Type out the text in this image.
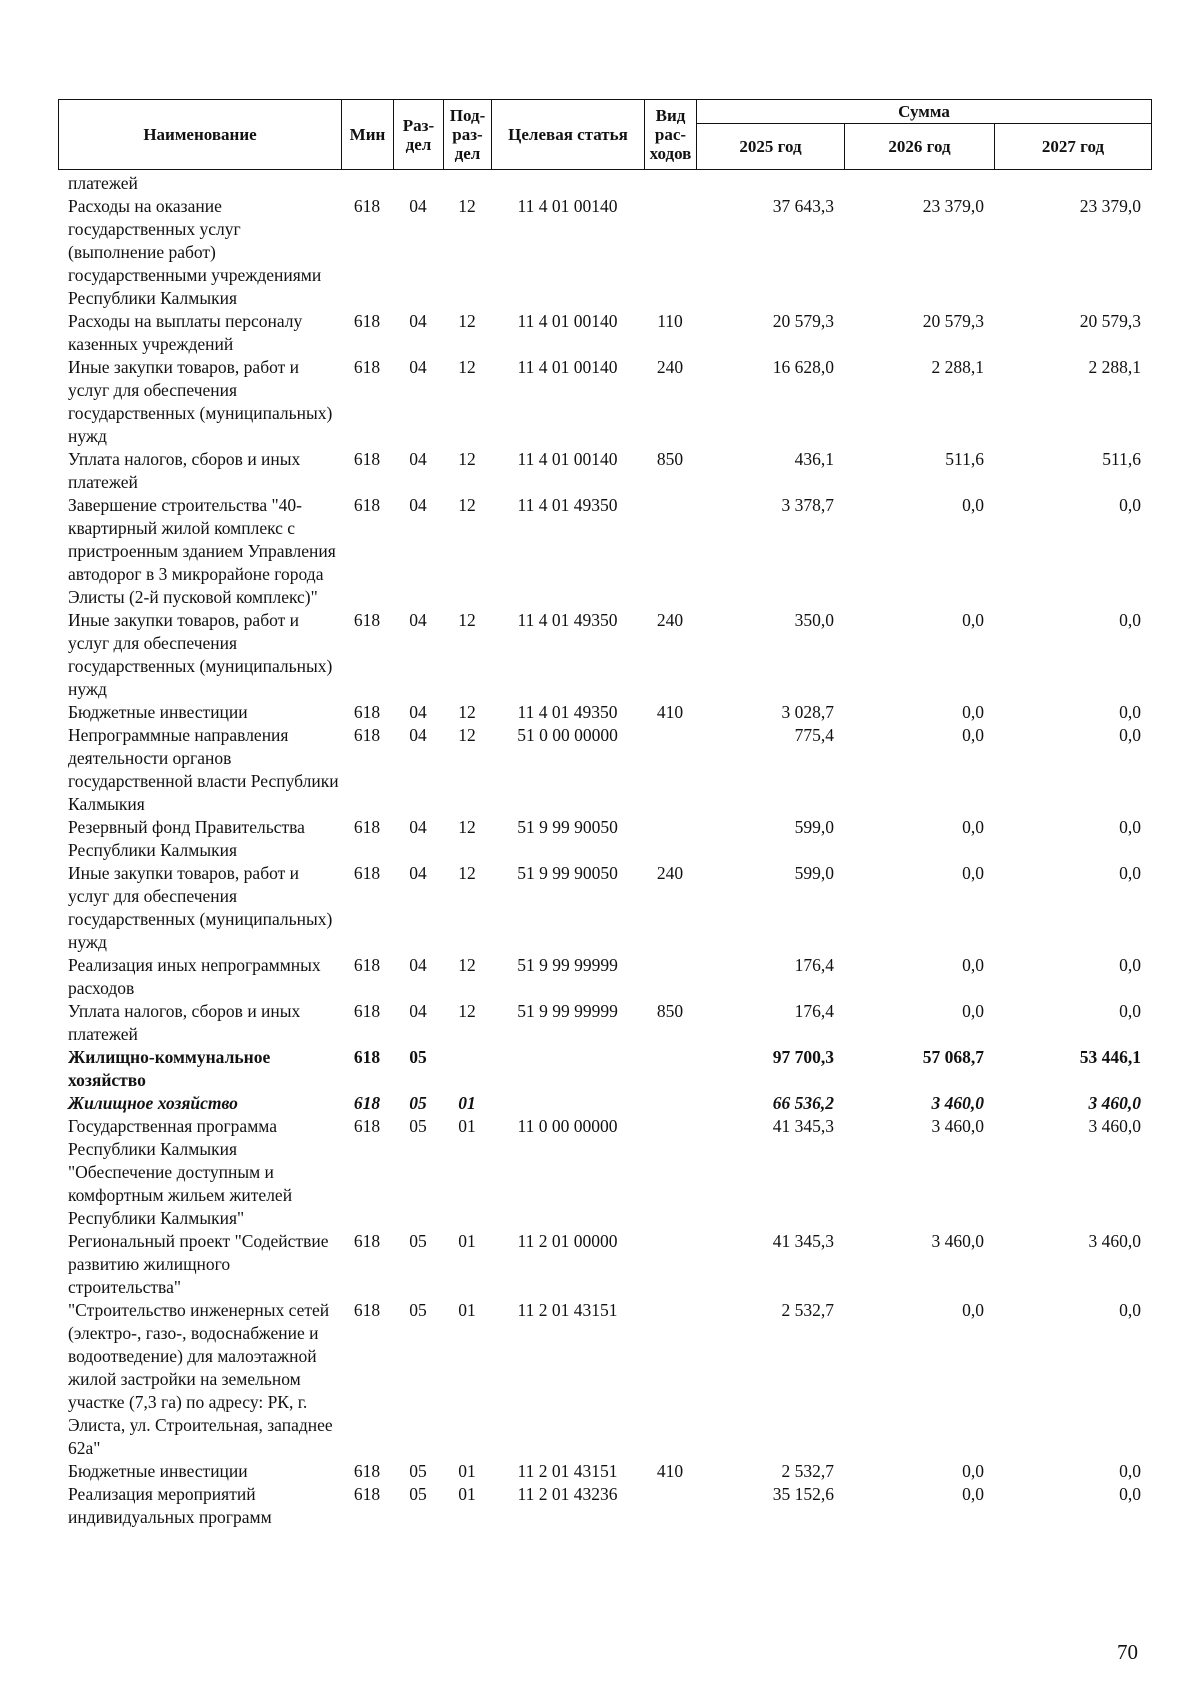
Наименование	Мин	Раз- дел	Под- раз- дел	Целевая статья	Вид рас- ходов	Сумма		
						2025 год	2026 год	2027 год
платежей								
Расходы на оказание государственных услуг (выполнение работ) государственными учреждениями Республики Калмыкия	618	04	12	11 4 01 00140		37 643,3	23 379,0	23 379,0
Расходы на выплаты персоналу казенных учреждений	618	04	12	11 4 01 00140	110	20 579,3	20 579,3	20 579,3
Иные закупки товаров, работ и услуг для обеспечения государственных (муниципальных) нужд	618	04	12	11 4 01 00140	240	16 628,0	2 288,1	2 288,1
Уплата налогов, сборов и иных платежей	618	04	12	11 4 01 00140	850	436,1	511,6	511,6
Завершение строительства "40-квартирный жилой комплекс с пристроенным зданием Управления автодорог в 3 микрорайоне города Элисты (2-й пусковой комплекс)"	618	04	12	11 4 01 49350		3 378,7	0,0	0,0
Иные закупки товаров, работ и услуг для обеспечения государственных (муниципальных) нужд	618	04	12	11 4 01 49350	240	350,0	0,0	0,0
Бюджетные инвестиции	618	04	12	11 4 01 49350	410	3 028,7	0,0	0,0
Непрограммные направления деятельности органов государственной власти Республики Калмыкия	618	04	12	51 0 00 00000		775,4	0,0	0,0
Резервный фонд Правительства Республики Калмыкия	618	04	12	51 9 99 90050		599,0	0,0	0,0
Иные закупки товаров, работ и услуг для обеспечения государственных (муниципальных) нужд	618	04	12	51 9 99 90050	240	599,0	0,0	0,0
Реализация иных непрограммных расходов	618	04	12	51 9 99 99999		176,4	0,0	0,0
Уплата налогов, сборов и иных платежей	618	04	12	51 9 99 99999	850	176,4	0,0	0,0
Жилищно-коммунальное хозяйство	618	05				97 700,3	57 068,7	53 446,1
Жилищное хозяйство	618	05	01			66 536,2	3 460,0	3 460,0
Государственная программа Республики Калмыкия "Обеспечение доступным и комфортным жильем жителей Республики Калмыкия"	618	05	01	11 0 00 00000		41 345,3	3 460,0	3 460,0
Региональный проект "Содействие развитию жилищного строительства"	618	05	01	11 2 01 00000		41 345,3	3 460,0	3 460,0
"Строительство инженерных сетей (электро-, газо-, водоснабжение и водоотведение) для малоэтажной жилой застройки на земельном участке (7,3 га) по адресу: РК, г. Элиста, ул. Строительная, западнее 62а"	618	05	01	11 2 01 43151		2 532,7	0,0	0,0
Бюджетные инвестиции	618	05	01	11 2 01 43151	410	2 532,7	0,0	0,0
Реализация мероприятий индивидуальных программ	618	05	01	11 2 01 43236		35 152,6	0,0	0,0
70
